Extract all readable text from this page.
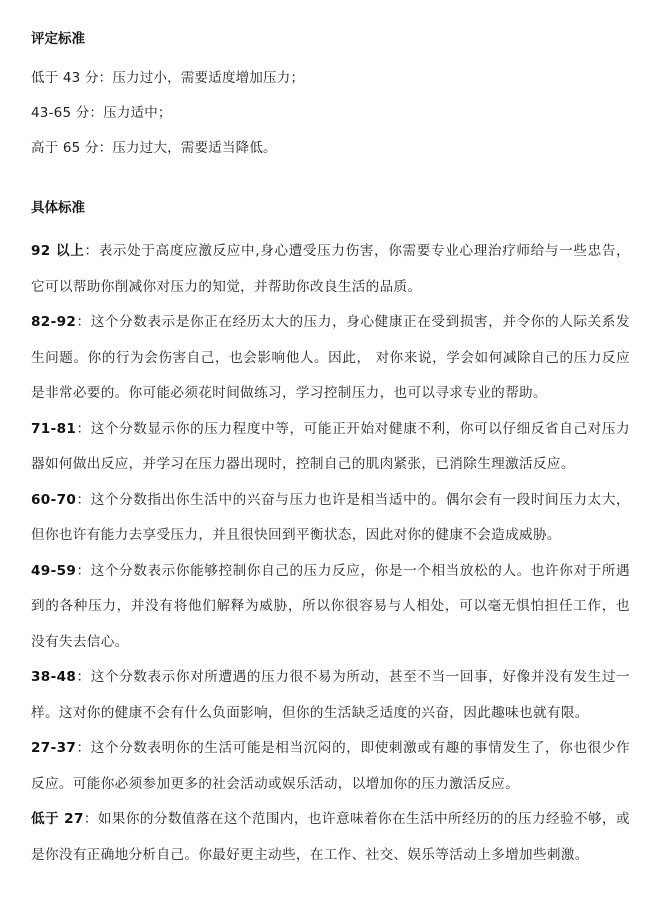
评定标准

低于 43 分：压力过小，需要适度增加压力；

43-65 分：压力适中；

高于 65 分：压力过大，需要适当降低。

具体标准

92 以上：表示处于高度应激反应中,身心遭受压力伤害，你需要专业心理治疗师给与一些忠告，它可以帮助你削减你对压力的知觉，并帮助你改良生活的品质。

82-92：这个分数表示是你正在经历太大的压力，身心健康正在受到损害，并令你的人际关系发生问题。你的行为会伤害自己，也会影响他人。因此， 对你来说，学会如何减除自己的压力反应是非常必要的。你可能必须花时间做练习，学习控制压力，也可以寻求专业的帮助。

71-81：这个分数显示你的压力程度中等，可能正开始对健康不利，你可以仔细反省自己对压力器如何做出反应，并学习在压力器出现时，控制自己的肌肉紧张，已消除生理激活反应。

60-70：这个分数指出你生活中的兴奋与压力也许是相当适中的。偶尔会有一段时间压力太大，但你也许有能力去享受压力，并且很快回到平衡状态，因此对你的健康不会造成威胁。

49-59：这个分数表示你能够控制你自己的压力反应，你是一个相当放松的人。也许你对于所遇到的各种压力，并没有将他们解释为威胁，所以你很容易与人相处，可以毫无惧怕担任工作，也没有失去信心。

38-48：这个分数表示你对所遭遇的压力很不易为所动，甚至不当一回事，好像并没有发生过一样。这对你的健康不会有什么负面影响，但你的生活缺乏适度的兴奋，因此趣味也就有限。

27-37：这个分数表明你的生活可能是相当沉闷的，即使刺激或有趣的事情发生了，你也很少作反应。可能你必须参加更多的社会活动或娱乐活动，以增加你的压力激活反应。

低于 27：如果你的分数值落在这个范围内，也许意味着你在生活中所经历的的压力经验不够，或是你没有正确地分析自己。你最好更主动些，在工作、社交、娱乐等活动上多增加些刺激。
